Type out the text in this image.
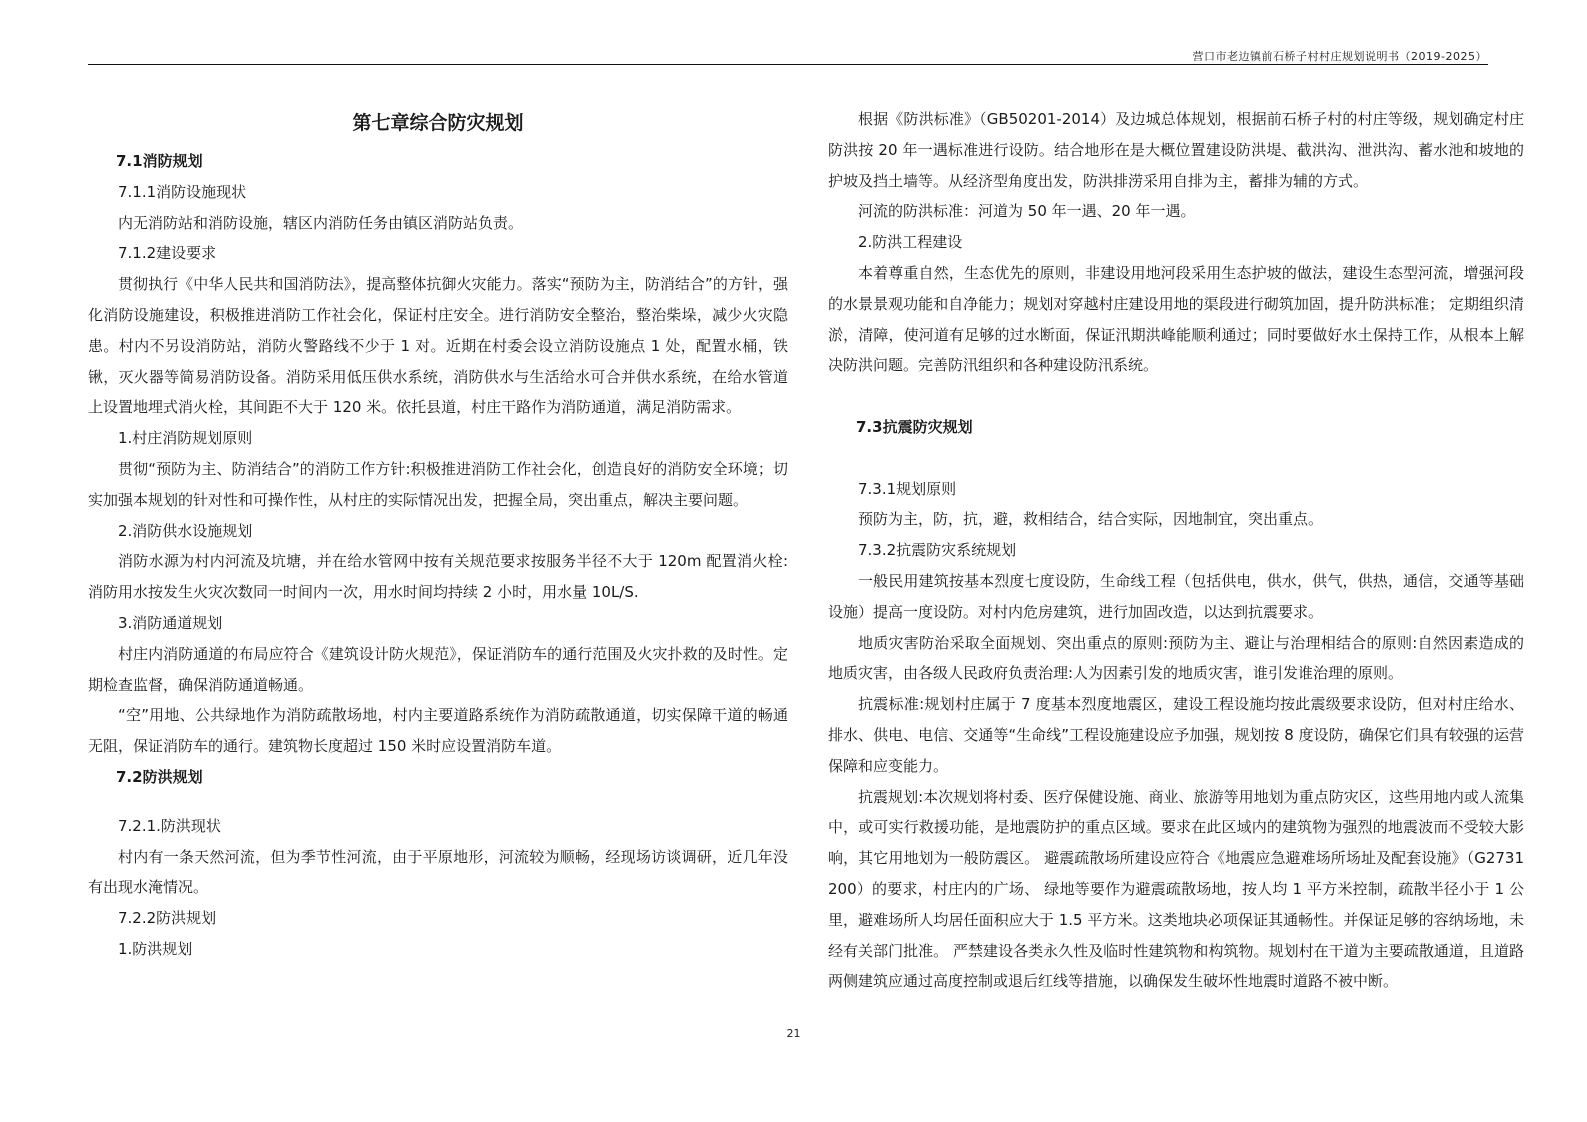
营口市老边镇前石桥子村村庄规划说明书（2019-2025）

第七章综合防灾规划

7.1消防规划

7.1.1消防设施现状

内无消防站和消防设施，辖区内消防任务由镇区消防站负责。

7.1.2建设要求

贯彻执行《中华人民共和国消防法》，提高整体抗御火灾能力。落实“预防为主，防消结合”的方针，强化消防设施建设，积极推进消防工作社会化，保证村庄安全。进行消防安全整治，整治柴垛，减少火灾隐患。村内不另设消防站，消防火警路线不少于 1 对。近期在村委会设立消防设施点 1 处，配置水桶，铁锹，灭火器等简易消防设备。消防采用低压供水系统，消防供水与生活给水可合并供水系统，在给水管道上设置地埋式消火栓，其间距不大于 120 米。依托县道，村庄干路作为消防通道，满足消防需求。

1.村庄消防规划原则

贯彻“预防为主、防消结合”的消防工作方针:积极推进消防工作社会化，创造良好的消防安全环境；切实加强本规划的针对性和可操作性，从村庄的实际情况出发，把握全局，突出重点，解决主要问题。

2.消防供水设施规划

消防水源为村内河流及坑塘，并在给水管网中按有关规范要求按服务半径不大于 120m 配置消火栓:消防用水按发生火灾次数同一时间内一次，用水时间均持续 2 小时，用水量 10L/S.

3.消防通道规划

村庄内消防通道的布局应符合《建筑设计防火规范》，保证消防车的通行范围及火灾扑救的及时性。定期检查监督，确保消防通道畅通。

“空”用地、公共绿地作为消防疏散场地，村内主要道路系统作为消防疏散通道，切实保障干道的畅通无阻，保证消防车的通行。建筑物长度超过 150 米时应设置消防车道。

7.2防洪规划

7.2.1.防洪现状

村内有一条天然河流，但为季节性河流，由于平原地形，河流较为顺畅，经现场访谈调研，近几年没有出现水淹情况。

7.2.2防洪规划

1.防洪规划

根据《防洪标准》（GB50201-2014）及边城总体规划，根据前石桥子村的村庄等级，规划确定村庄防洪按 20 年一遇标准进行设防。结合地形在是大概位置建设防洪堤、截洪沟、泄洪沟、蓄水池和坡地的护坡及挡土墙等。从经济型角度出发，防洪排涝采用自排为主，蓄排为辅的方式。

河流的防洪标准：河道为 50 年一遇、20 年一遇。

2.防洪工程建设

本着尊重自然，生态优先的原则，非建设用地河段采用生态护坡的做法，建设生态型河流，增强河段的水景景观功能和自净能力；规划对穿越村庄建设用地的渠段进行砌筑加固，提升防洪标准； 定期组织清淤，清障，使河道有足够的过水断面，保证汛期洪峰能顺利通过；同时要做好水土保持工作，从根本上解决防洪问题。完善防汛组织和各种建设防汛系统。

7.3抗震防灾规划

7.3.1规划原则

预防为主，防，抗，避，救相结合，结合实际，因地制宜，突出重点。

7.3.2抗震防灾系统规划

一般民用建筑按基本烈度七度设防，生命线工程（包括供电，供水，供气，供热，通信，交通等基础设施）提高一度设防。对村内危房建筑，进行加固改造，以达到抗震要求。

地质灾害防治采取全面规划、突出重点的原则:预防为主、避让与治理相结合的原则:自然因素造成的地质灾害，由各级人民政府负责治理:人为因素引发的地质灾害，谁引发谁治理的原则。

抗震标准:规划村庄属于 7 度基本烈度地震区，建设工程设施均按此震级要求设防，但对村庄给水、排水、供电、电信、交通等“生命线”工程设施建设应予加强，规划按 8 度设防，确保它们具有较强的运营保障和应变能力。

抗震规划:本次规划将村委、医疗保健设施、商业、旅游等用地划为重点防灾区，这些用地内或人流集中，或可实行救援功能，是地震防护的重点区域。要求在此区域内的建筑物为强烈的地震波而不受较大影响，其它用地划为一般防震区。 避震疏散场所建设应符合《地震应急避难场所场址及配套设施》（G2731 200）的要求，村庄内的广场、 绿地等要作为避震疏散场地，按人均 1 平方米控制，疏散半径小于 1 公里，避难场所人均居任面积应大于 1.5 平方米。这类地块必项保证其通畅性。并保证足够的容纳场地，未经有关部门批准。 严禁建设各类永久性及临时性建筑物和构筑物。规划村在干道为主要疏散通道，且道路两侧建筑应通过高度控制或退后红线等措施，以确保发生破坏性地震时道路不被中断。

21
